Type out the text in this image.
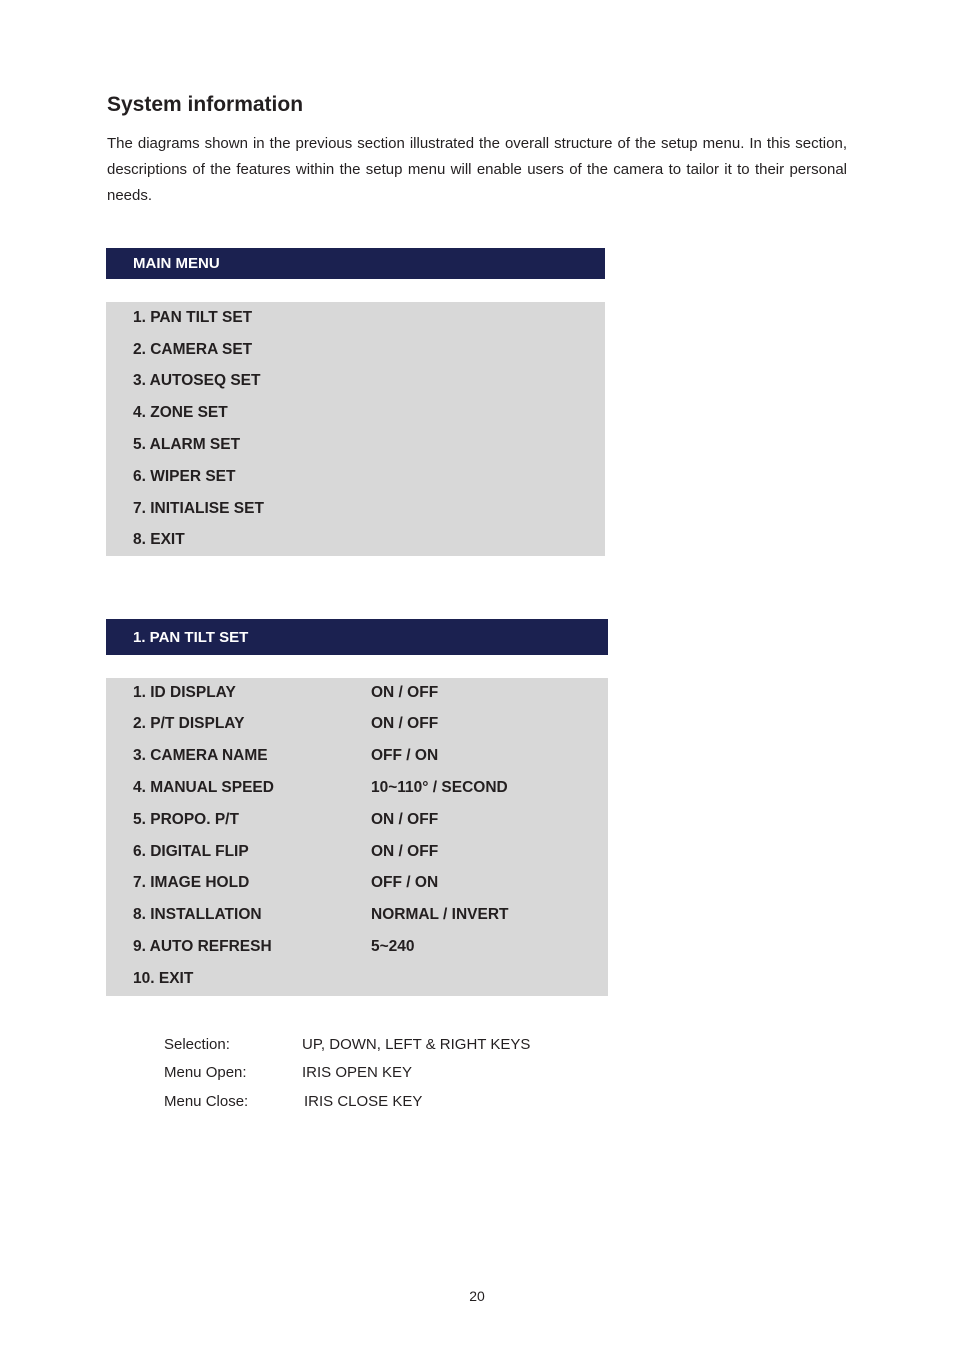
System information

The diagrams shown in the previous section illustrated the overall structure of the setup menu. In this section, descriptions of the features within the setup menu will enable users of the camera to tailor it to their personal needs.

MAIN MENU
1. PAN TILT SET
2. CAMERA SET
3. AUTOSEQ SET
4. ZONE SET
5. ALARM SET
6. WIPER SET
7. INITIALISE SET
8. EXIT
1. PAN TILT SET
1. ID DISPLAY	ON / OFF
2. P/T DISPLAY	ON / OFF
3. CAMERA NAME	OFF / ON
4. MANUAL SPEED	10~110° / SECOND
5. PROPO. P/T	ON / OFF
6. DIGITAL FLIP	ON / OFF
7. IMAGE HOLD	OFF / ON
8. INSTALLATION	NORMAL / INVERT
9. AUTO REFRESH	5~240
10. EXIT
Selection:	UP, DOWN, LEFT & RIGHT KEYS
Menu Open:	IRIS OPEN KEY
Menu Close:	IRIS CLOSE KEY
20
